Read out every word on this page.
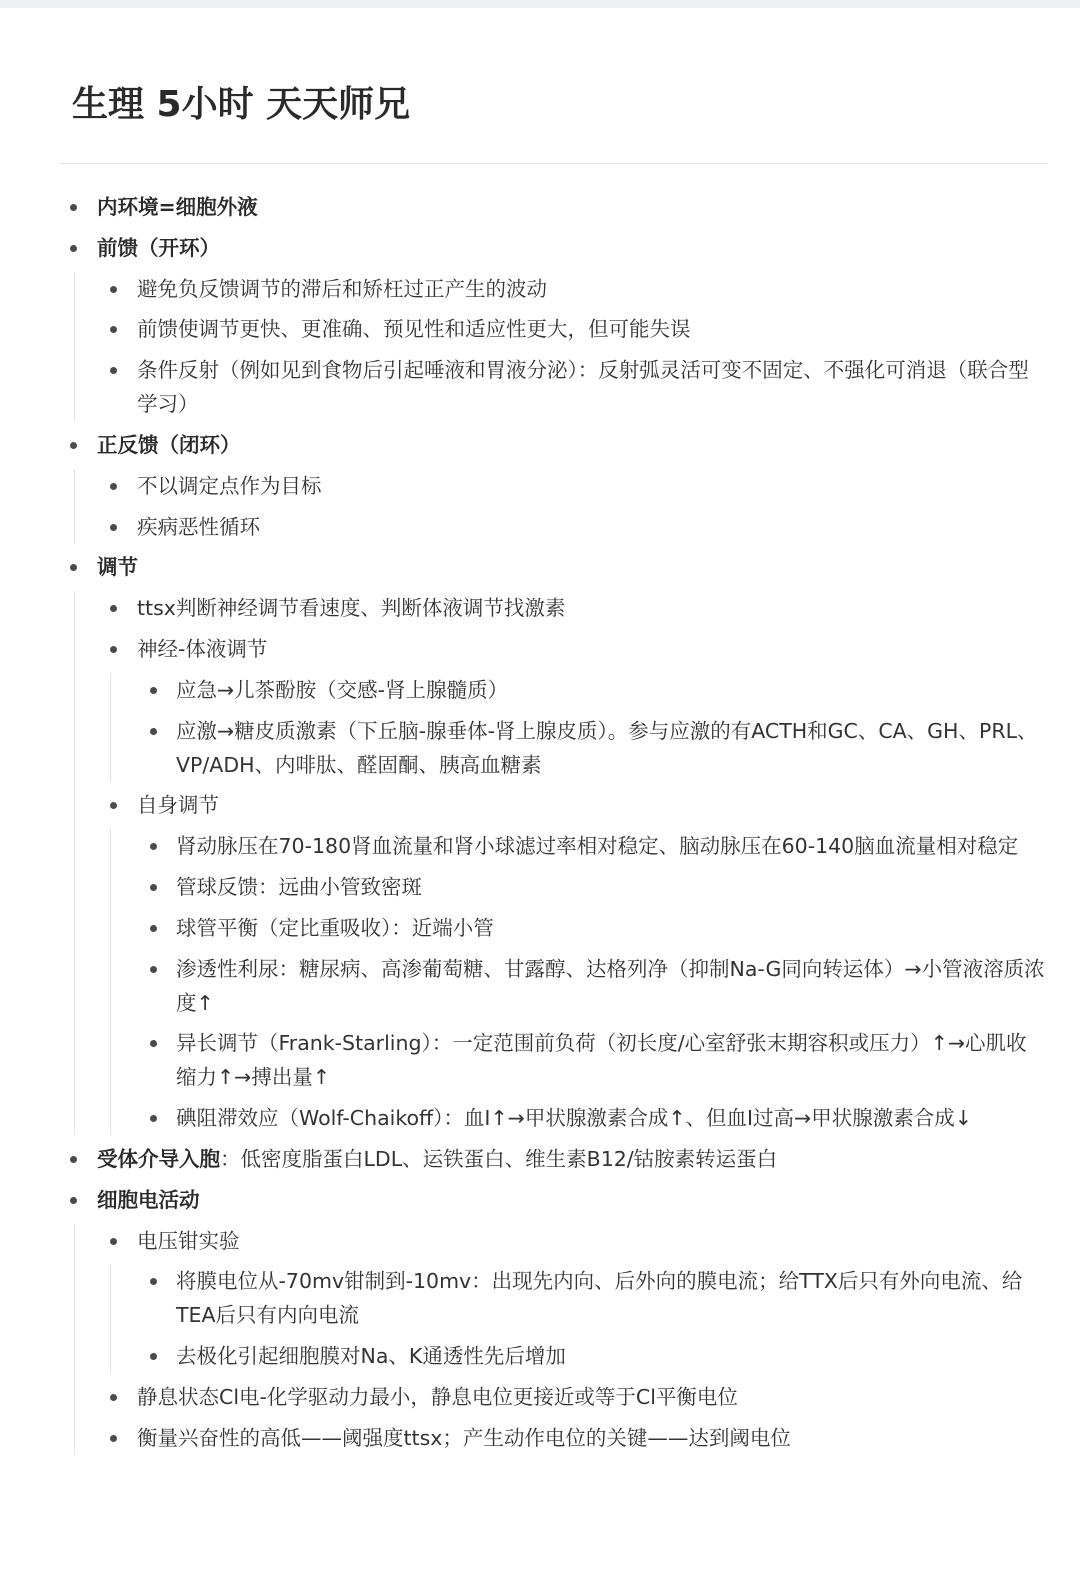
生理 5小时 天天师兄
内环境=细胞外液
前馈（开环）
避免负反馈调节的滞后和矫枉过正产生的波动
前馈使调节更快、更准确、预见性和适应性更大，但可能失误
条件反射（例如见到食物后引起唾液和胃液分泌）：反射弧灵活可变不固定、不强化可消退（联合型学习）
正反馈（闭环）
不以调定点作为目标
疾病恶性循环
调节
ttsx判断神经调节看速度、判断体液调节找激素
神经-体液调节
应急→儿茶酚胺（交感-肾上腺髓质）
应激→糖皮质激素（下丘脑-腺垂体-肾上腺皮质）。参与应激的有ACTH和GC、CA、GH、PRL、VP/ADH、内啡肽、醛固酮、胰高血糖素
自身调节
肾动脉压在70-180肾血流量和肾小球滤过率相对稳定、脑动脉压在60-140脑血流量相对稳定
管球反馈：远曲小管致密斑
球管平衡（定比重吸收）：近端小管
渗透性利尿：糖尿病、高渗葡萄糖、甘露醇、达格列净（抑制Na-G同向转运体）→小管液溶质浓度↑
异长调节（Frank-Starling）：一定范围前负荷（初长度/心室舒张末期容积或压力）↑→心肌收缩力↑→搏出量↑
碘阻滞效应（Wolf-Chaikoff）：血I↑→甲状腺激素合成↑、但血I过高→甲状腺激素合成↓
受体介导入胞：低密度脂蛋白LDL、运铁蛋白、维生素B12/钴胺素转运蛋白
细胞电活动
电压钳实验
将膜电位从-70mv钳制到-10mv：出现先内向、后外向的膜电流；给TTX后只有外向电流、给TEA后只有内向电流
去极化引起细胞膜对Na、K通透性先后增加
静息状态Cl电-化学驱动力最小，静息电位更接近或等于Cl平衡电位
衡量兴奋性的高低——阈强度ttsx；产生动作电位的关键——达到阈电位
